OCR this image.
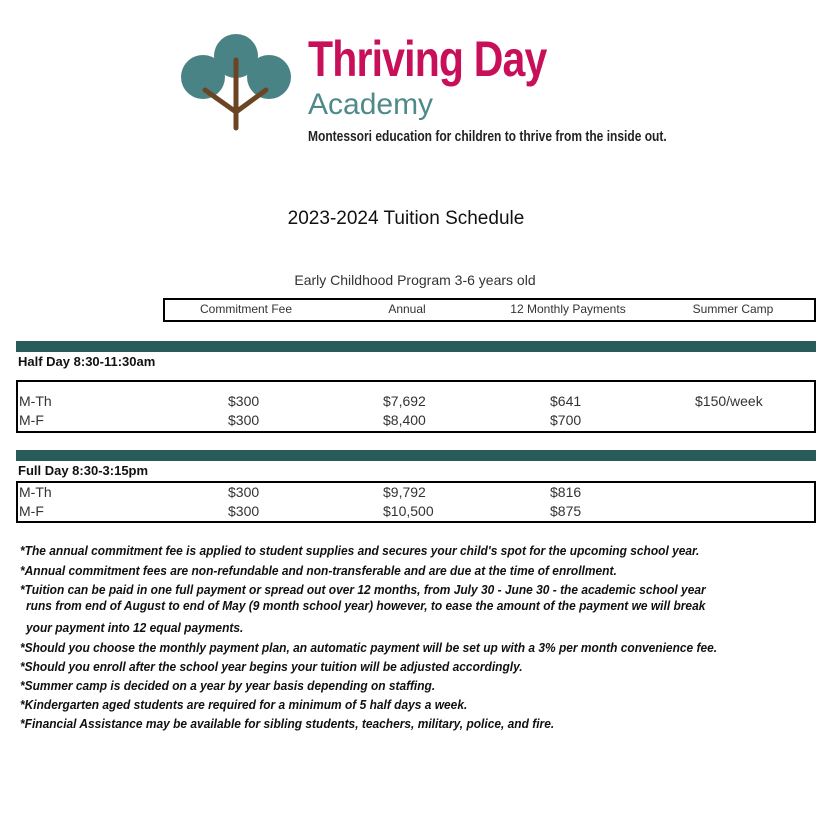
Thriving Day
Academy
Montessori education for children to thrive from the inside out.
2023-2024 Tuition Schedule
Early Childhood Program 3-6 years old
Commitment Fee	Annual	12 Monthly Payments	Summer Camp
Half Day 8:30-11:30am
M-Th	$300	$7,692	$641	$150/week
M-F	$300	$8,400	$700
Full Day 8:30-3:15pm
M-Th	$300	$9,792	$816
M-F	$300	$10,500	$875
*The annual commitment fee is applied to student supplies and secures your child's spot for the upcoming school year.
*Annual commitment fees are non-refundable and non-transferable and are due at the time of enrollment.
*Tuition can be paid in one full payment or spread out over 12 months, from July 30 - June 30 - the academic school year
runs from end of August to end of May (9 month school year) however, to ease the amount of the payment we will break
your payment into 12 equal payments.
*Should you choose the monthly payment plan, an automatic payment will be set up with a 3% per month convenience fee.
*Should you enroll after the school year begins your tuition will be adjusted accordingly.
*Summer camp is decided on a year by year basis depending on staffing.
*Kindergarten aged students are required for a minimum of 5 half days a week.
*Financial Assistance may be available for sibling students, teachers, military, police, and fire.
